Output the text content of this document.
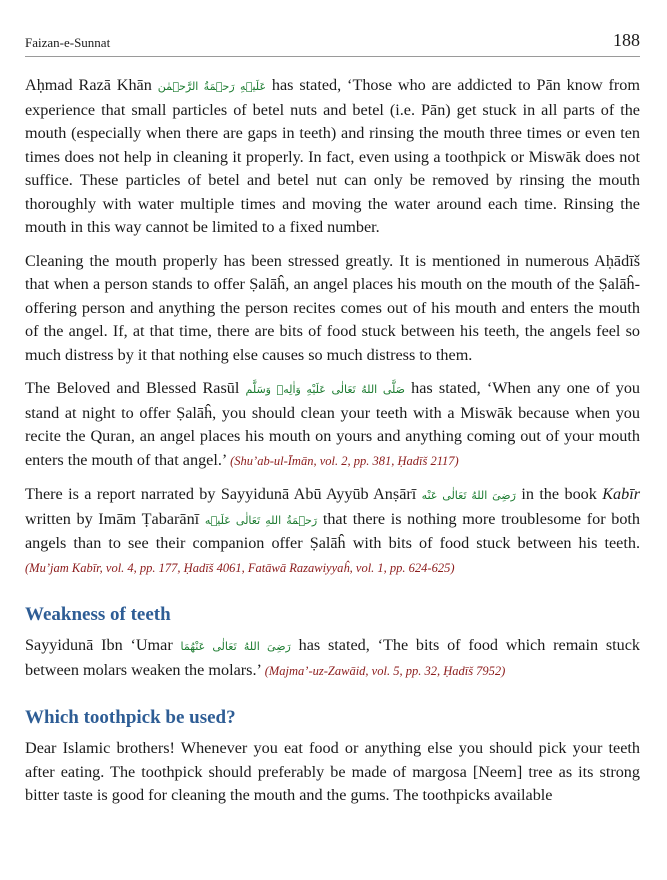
Faizan-e-Sunnat	188

Aḥmad Razā Khān عَلَيۡهِ رَحۡمَةُ الرَّحۡمٰن has stated, ‘Those who are addicted to Pān know from experience that small particles of betel nuts and betel (i.e. Pān) get stuck in all parts of the mouth (especially when there are gaps in teeth) and rinsing the mouth three times or even ten times does not help in cleaning it properly. In fact, even using a toothpick or Miswāk does not suffice. These particles of betel and betel nut can only be removed by rinsing the mouth thoroughly with water multiple times and moving the water around each time. Rinsing the mouth in this way cannot be limited to a fixed number.

Cleaning the mouth properly has been stressed greatly. It is mentioned in numerous Aḥādīš that when a person stands to offer Ṣalāĥ, an angel places his mouth on the mouth of the Ṣalāĥ-offering person and anything the person recites comes out of his mouth and enters the mouth of the angel. If, at that time, there are bits of food stuck between his teeth, the angels feel so much distress by it that nothing else causes so much distress to them.

The Beloved and Blessed Rasūl صَلَّى اللهُ تَعَالٰى عَلَيْهِ وَاٰلِهٖ وَسَلَّم has stated, ‘When any one of you stand at night to offer Ṣalāĥ, you should clean your teeth with a Miswāk because when you recite the Quran, an angel places his mouth on yours and anything coming out of your mouth enters the mouth of that angel.’ (Shu’ab-ul-Īmān, vol. 2, pp. 381, Ḥadīš 2117)

There is a report narrated by Sayyidunā Abū Ayyūb Anṣārī رَضِیَ اللهُ تَعَالٰی عَنْه in the book Kabīr written by Imām Ṭabarānī رَحۡمَةُ اللهِ تَعَالٰی عَلَيۡه that there is nothing more troublesome for both angels than to see their companion offer Ṣalāĥ with bits of food stuck between his teeth. (Mu’jam Kabīr, vol. 4, pp. 177, Ḥadīš 4061, Fatāwā Razawiyyaĥ, vol. 1, pp. 624-625)

Weakness of teeth

Sayyidunā Ibn ‘Umar رَضِیَ اللهُ تَعَالٰی عَنْهُمَا has stated, ‘The bits of food which remain stuck between molars weaken the molars.’ (Majma’-uz-Zawāid, vol. 5, pp. 32, Ḥadīš 7952)

Which toothpick be used?

Dear Islamic brothers! Whenever you eat food or anything else you should pick your teeth after eating. The toothpick should preferably be made of margosa [Neem] tree as its strong bitter taste is good for cleaning the mouth and the gums. The toothpicks available
